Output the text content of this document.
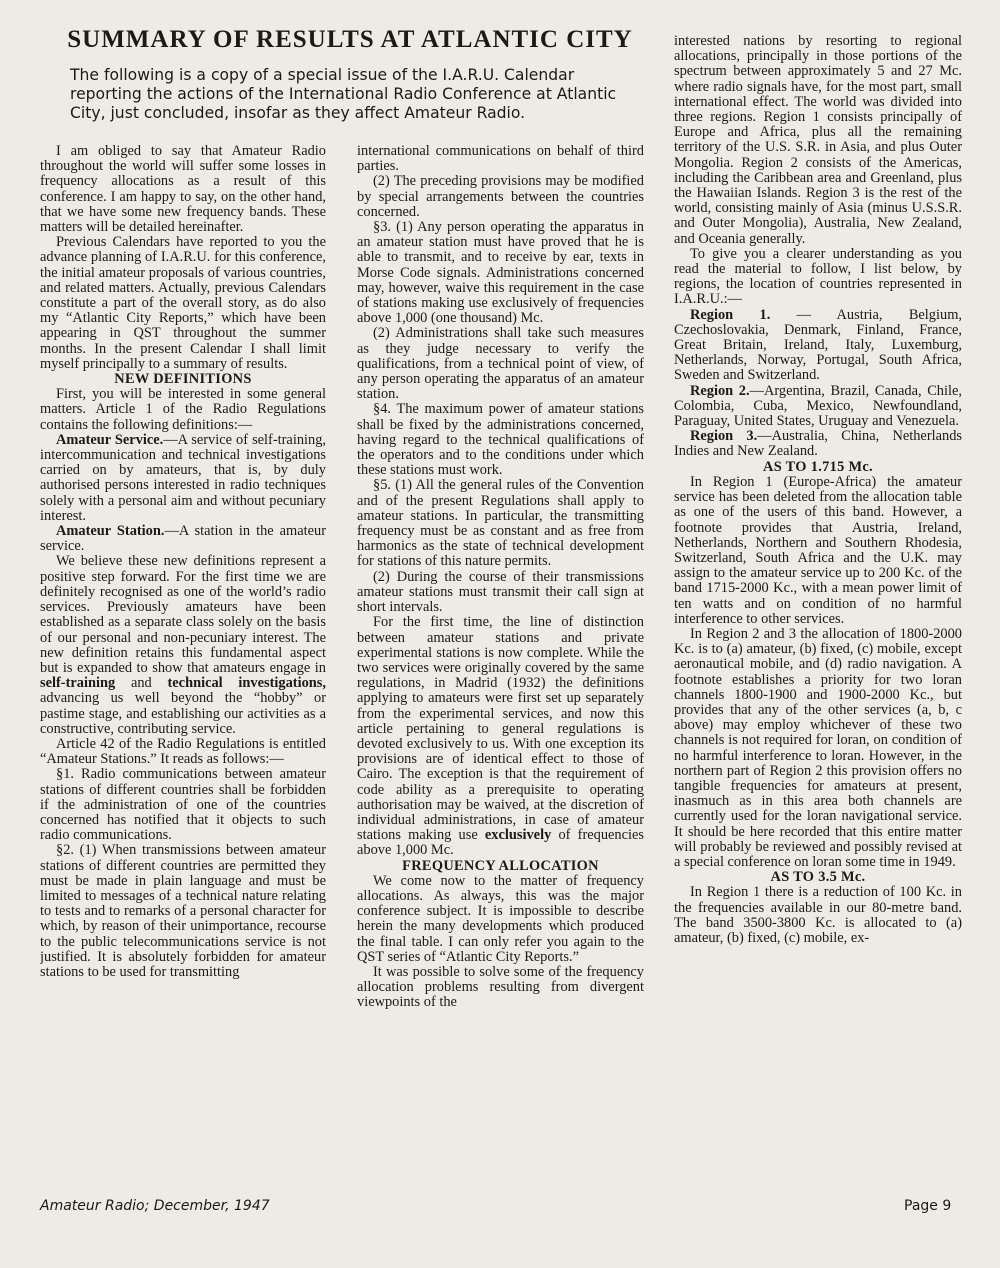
SUMMARY OF RESULTS AT ATLANTIC CITY

The following is a copy of a special issue of the I.A.R.U. Calendar reporting the actions of the International Radio Conference at Atlantic City, just concluded, insofar as they affect Amateur Radio.

I am obliged to say that Amateur Radio throughout the world will suffer some losses in frequency allocations as a result of this conference. I am happy to say, on the other hand, that we have some new frequency bands. These matters will be detailed hereinafter.

Previous Calendars have reported to you the advance planning of I.A.R.U. for this conference, the initial amateur proposals of various countries, and related matters. Actually, previous Calendars constitute a part of the overall story, as do also my “Atlantic City Reports,” which have been appearing in QST throughout the summer months. In the present Calendar I shall limit myself principally to a summary of results.

NEW DEFINITIONS

First, you will be interested in some general matters. Article 1 of the Radio Regulations contains the following definitions:—

Amateur Service.—A service of self-training, intercommunication and technical investigations carried on by amateurs, that is, by duly authorised persons interested in radio techniques solely with a personal aim and without pecuniary interest.

Amateur Station.—A station in the amateur service.

We believe these new definitions represent a positive step forward. For the first time we are definitely recognised as one of the world’s radio services. Previously amateurs have been established as a separate class solely on the basis of our personal and non-pecuniary interest. The new definition retains this fundamental aspect but is expanded to show that amateurs engage in self-training and technical investigations, advancing us well beyond the “hobby” or pastime stage, and establishing our activities as a constructive, contributing service.

Article 42 of the Radio Regulations is entitled “Amateur Stations.” It reads as follows:—

§1. Radio communications between amateur stations of different countries shall be forbidden if the administration of one of the countries concerned has notified that it objects to such radio communications.

§2. (1) When transmissions between amateur stations of different countries are permitted they must be made in plain language and must be limited to messages of a technical nature relating to tests and to remarks of a personal character for which, by reason of their unimportance, recourse to the public telecommunications service is not justified. It is absolutely forbidden for amateur stations to be used for transmitting

international communications on behalf of third parties.

(2) The preceding provisions may be modified by special arrangements between the countries concerned.

§3. (1) Any person operating the apparatus in an amateur station must have proved that he is able to transmit, and to receive by ear, texts in Morse Code signals. Administrations concerned may, however, waive this requirement in the case of stations making use exclusively of frequencies above 1,000 (one thousand) Mc.

(2) Administrations shall take such measures as they judge necessary to verify the qualifications, from a technical point of view, of any person operating the apparatus of an amateur station.

§4. The maximum power of amateur stations shall be fixed by the administrations concerned, having regard to the technical qualifications of the operators and to the conditions under which these stations must work.

§5. (1) All the general rules of the Convention and of the present Regulations shall apply to amateur stations. In particular, the transmitting frequency must be as constant and as free from harmonics as the state of technical development for stations of this nature permits.

(2) During the course of their transmissions amateur stations must transmit their call sign at short intervals.

For the first time, the line of distinction between amateur stations and private experimental stations is now complete. While the two services were originally covered by the same regulations, in Madrid (1932) the definitions applying to amateurs were first set up separately from the experimental services, and now this article pertaining to general regulations is devoted exclusively to us. With one exception its provisions are of identical effect to those of Cairo. The exception is that the requirement of code ability as a prerequisite to operating authorisation may be waived, at the discretion of individual administrations, in case of amateur stations making use exclusively of frequencies above 1,000 Mc.

FREQUENCY ALLOCATION

We come now to the matter of frequency allocations. As always, this was the major conference subject. It is impossible to describe herein the many developments which produced the final table. I can only refer you again to the QST series of “Atlantic City Reports.”

It was possible to solve some of the frequency allocation problems resulting from divergent viewpoints of the

interested nations by resorting to regional allocations, principally in those portions of the spectrum between approximately 5 and 27 Mc. where radio signals have, for the most part, small international effect. The world was divided into three regions. Region 1 consists principally of Europe and Africa, plus all the remaining territory of the U.S. S.R. in Asia, and plus Outer Mongolia. Region 2 consists of the Americas, including the Caribbean area and Greenland, plus the Hawaiian Islands. Region 3 is the rest of the world, consisting mainly of Asia (minus U.S.S.R. and Outer Mongolia), Australia, New Zealand, and Oceania generally.

To give you a clearer understanding as you read the material to follow, I list below, by regions, the location of countries represented in I.A.R.U.:—

Region 1. — Austria, Belgium, Czechoslovakia, Denmark, Finland, France, Great Britain, Ireland, Italy, Luxemburg, Netherlands, Norway, Portugal, South Africa, Sweden and Switzerland.

Region 2.—Argentina, Brazil, Canada, Chile, Colombia, Cuba, Mexico, Newfoundland, Paraguay, United States, Uruguay and Venezuela.

Region 3.—Australia, China, Netherlands Indies and New Zealand.

AS TO 1.715 Mc.

In Region 1 (Europe-Africa) the amateur service has been deleted from the allocation table as one of the users of this band. However, a footnote provides that Austria, Ireland, Netherlands, Northern and Southern Rhodesia, Switzerland, South Africa and the U.K. may assign to the amateur service up to 200 Kc. of the band 1715-2000 Kc., with a mean power limit of ten watts and on condition of no harmful interference to other services.

In Region 2 and 3 the allocation of 1800-2000 Kc. is to (a) amateur, (b) fixed, (c) mobile, except aeronautical mobile, and (d) radio navigation. A footnote establishes a priority for two loran channels 1800-1900 and 1900-2000 Kc., but provides that any of the other services (a, b, c above) may employ whichever of these two channels is not required for loran, on condition of no harmful interference to loran. However, in the northern part of Region 2 this provision offers no tangible frequencies for amateurs at present, inasmuch as in this area both channels are currently used for the loran navigational service. It should be here recorded that this entire matter will probably be reviewed and possibly revised at a special conference on loran some time in 1949.

AS TO 3.5 Mc.

In Region 1 there is a reduction of 100 Kc. in the frequencies available in our 80-metre band. The band 3500-3800 Kc. is allocated to (a) amateur, (b) fixed, (c) mobile, ex-

Amateur Radio; December, 1947	Page 9
